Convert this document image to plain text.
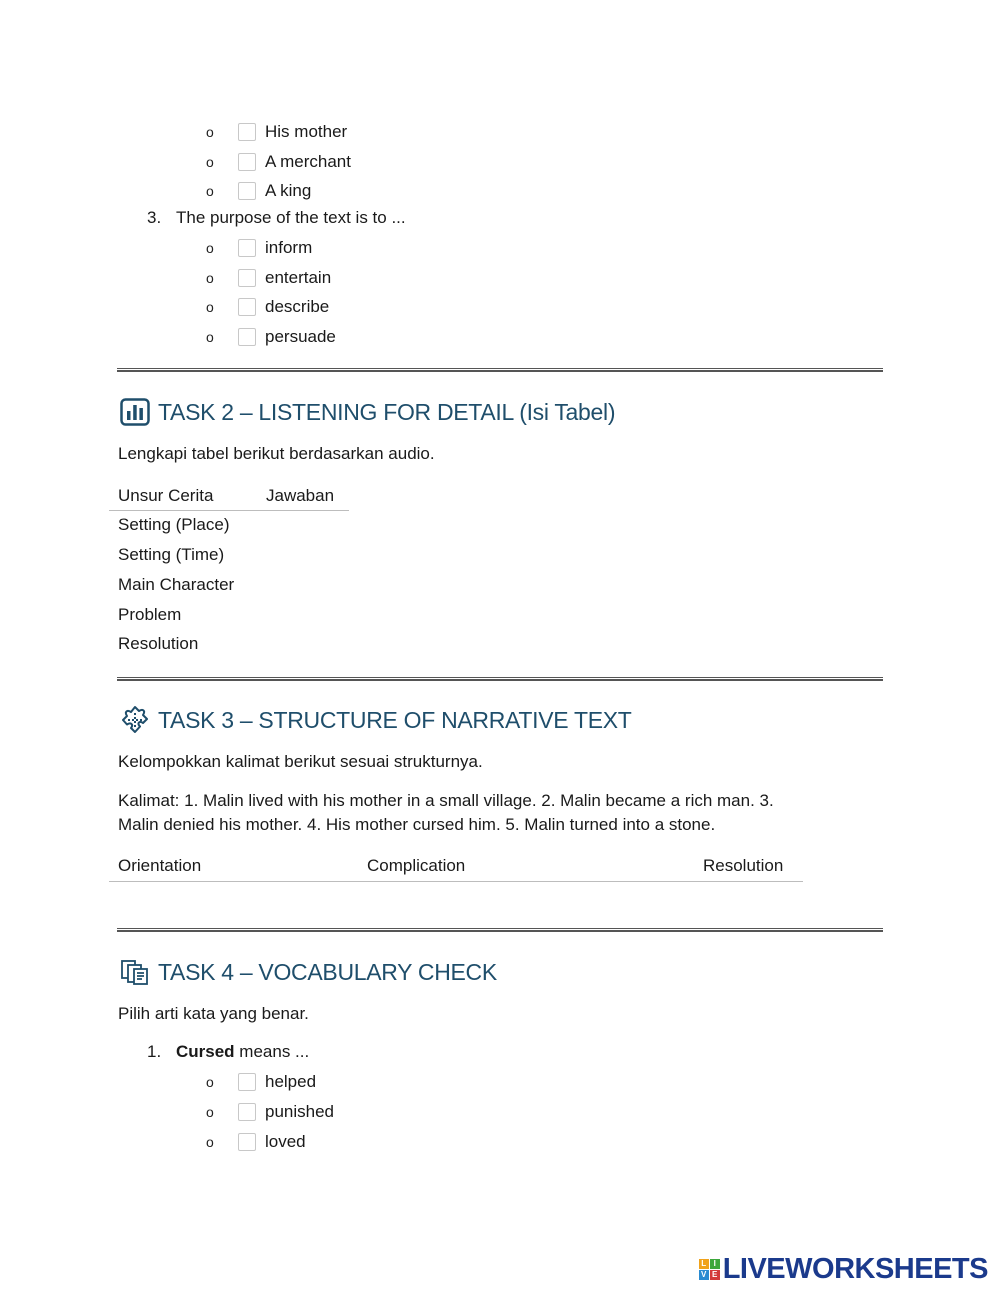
o	His mother
o	A merchant
o	A king
3. The purpose of the text is to ...
o	inform
o	entertain
o	describe
o	persuade
TASK 2 – LISTENING FOR DETAIL (Isi Tabel)
Lengkapi tabel berikut berdasarkan audio.
Unsur Cerita	Jawaban
Setting (Place)
Setting (Time)
Main Character
Problem
Resolution
TASK 3 – STRUCTURE OF NARRATIVE TEXT
Kelompokkan kalimat berikut sesuai strukturnya.
Kalimat: 1. Malin lived with his mother in a small village. 2. Malin became a rich man. 3.
Malin denied his mother. 4. His mother cursed him. 5. Malin turned into a stone.
Orientation	Complication	Resolution
TASK 4 – VOCABULARY CHECK
Pilih arti kata yang benar.
1. Cursed means ...
o	helped
o	punished
o	loved
L I
V E LIVEWORKSHEETS
